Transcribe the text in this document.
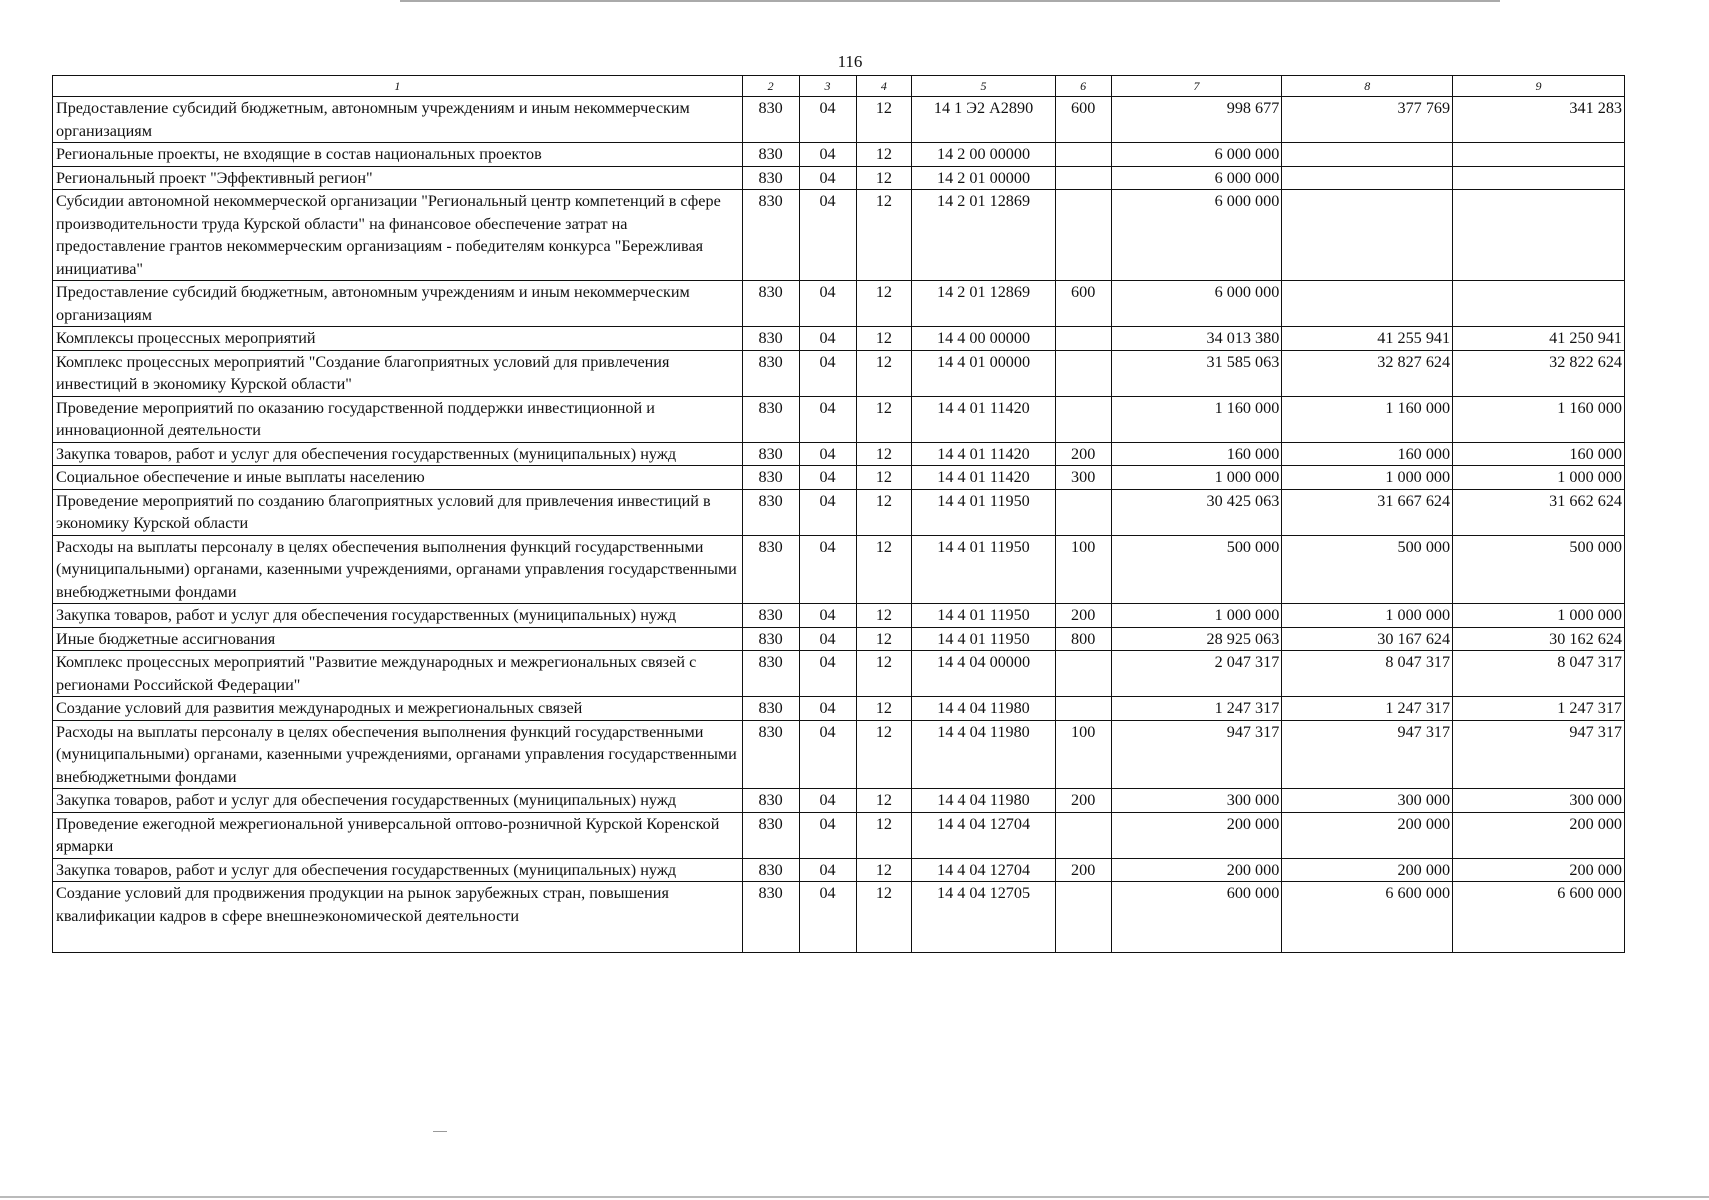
116
1	2	3	4	5	6	7	8	9
Предоставление субсидий бюджетным, автономным учреждениям и иным некоммерческим организациям	830	04	12	14 1 Э2 А2890	600	998 677	377 769	341 283
Региональные проекты, не входящие в состав национальных проектов	830	04	12	14 2 00 00000		6 000 000		
Региональный проект "Эффективный регион"	830	04	12	14 2 01 00000		6 000 000		
Субсидии автономной некоммерческой организации "Региональный центр компетенций в сфере производительности труда Курской области" на финансовое обеспечение затрат на предоставление грантов некоммерческим организациям - победителям конкурса "Бережливая инициатива"	830	04	12	14 2 01 12869		6 000 000		
Предоставление субсидий бюджетным, автономным учреждениям и иным некоммерческим организациям	830	04	12	14 2 01 12869	600	6 000 000		
Комплексы процессных мероприятий	830	04	12	14 4 00 00000		34 013 380	41 255 941	41 250 941
Комплекс процессных мероприятий "Создание благоприятных условий для привлечения инвестиций в экономику Курской области"	830	04	12	14 4 01 00000		31 585 063	32 827 624	32 822 624
Проведение мероприятий по оказанию государственной поддержки инвестиционной и инновационной деятельности	830	04	12	14 4 01 11420		1 160 000	1 160 000	1 160 000
Закупка товаров, работ и услуг для обеспечения государственных (муниципальных) нужд	830	04	12	14 4 01 11420	200	160 000	160 000	160 000
Социальное обеспечение и иные выплаты населению	830	04	12	14 4 01 11420	300	1 000 000	1 000 000	1 000 000
Проведение мероприятий по созданию благоприятных условий для привлечения инвестиций в экономику Курской области	830	04	12	14 4 01 11950		30 425 063	31 667 624	31 662 624
Расходы на выплаты персоналу в целях обеспечения выполнения функций государственными (муниципальными) органами, казенными учреждениями, органами управления государственными внебюджетными фондами	830	04	12	14 4 01 11950	100	500 000	500 000	500 000
Закупка товаров, работ и услуг для обеспечения государственных (муниципальных) нужд	830	04	12	14 4 01 11950	200	1 000 000	1 000 000	1 000 000
Иные бюджетные ассигнования	830	04	12	14 4 01 11950	800	28 925 063	30 167 624	30 162 624
Комплекс процессных мероприятий "Развитие международных и межрегиональных связей с регионами Российской Федерации"	830	04	12	14 4 04 00000		2 047 317	8 047 317	8 047 317
Создание условий для развития международных и межрегиональных связей	830	04	12	14 4 04 11980		1 247 317	1 247 317	1 247 317
Расходы на выплаты персоналу в целях обеспечения выполнения функций государственными (муниципальными) органами, казенными учреждениями, органами управления государственными внебюджетными фондами	830	04	12	14 4 04 11980	100	947 317	947 317	947 317
Закупка товаров, работ и услуг для обеспечения государственных (муниципальных) нужд	830	04	12	14 4 04 11980	200	300 000	300 000	300 000
Проведение ежегодной межрегиональной универсальной оптово-розничной Курской Коренской ярмарки	830	04	12	14 4 04 12704		200 000	200 000	200 000
Закупка товаров, работ и услуг для обеспечения государственных (муниципальных) нужд	830	04	12	14 4 04 12704	200	200 000	200 000	200 000
Создание условий для продвижения продукции на рынок зарубежных стран, повышения квалификации кадров в сфере внешнеэкономической деятельности	830	04	12	14 4 04 12705		600 000	6 600 000	6 600 000
